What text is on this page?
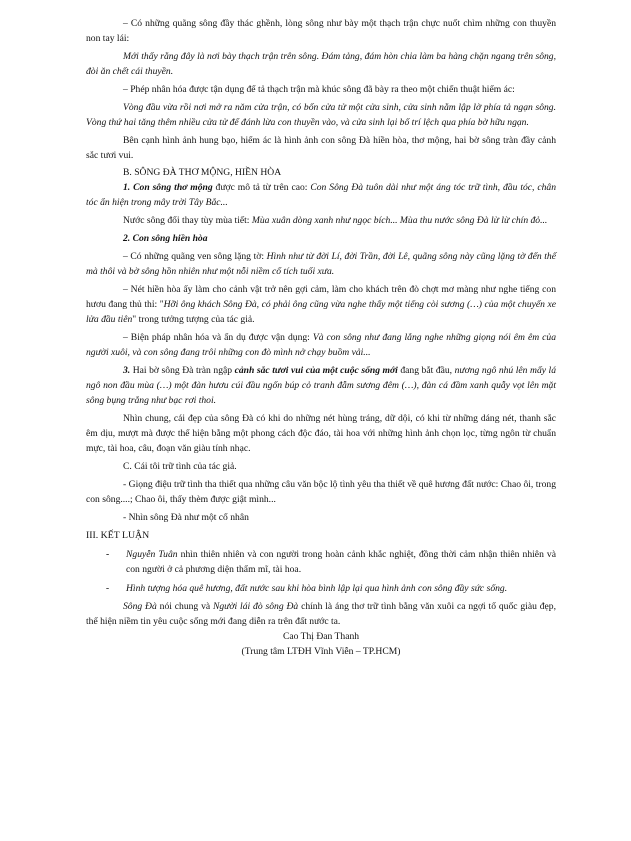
– Có những quãng sông đầy thác ghềnh, lòng sông như bày một thạch trận chực nuốt chìm những con thuyền non tay lái:

Mới thấy rằng đây là nơi bày thạch trận trên sông. Đám tảng, đám hòn chia làm ba hàng chặn ngang trên sông, đòi ăn chết cái thuyền.

– Phép nhân hóa được tận dụng để tả thạch trận mà khúc sông đã bày ra theo một chiến thuật hiểm ác:

Vòng đầu vừa rồi nơi mở ra năm cửa trận, có bốn cửa tử một cửa sinh, cửa sinh nằm lập lờ phía tả ngạn sông. Vòng thứ hai tăng thêm nhiều cửa tử để đánh lừa con thuyền vào, và cửa sinh lại bố trí lệch qua phía bờ hữu ngạn.

Bên cạnh hình ảnh hung bạo, hiểm ác là hình ảnh con sông Đà hiền hòa, thơ mộng, hai bờ sông tràn đầy cảnh sắc tươi vui.

B. SÔNG ĐÀ THƠ MỘNG, HIỀN HÒA

1. Con sông thơ mộng được mô tả từ trên cao: Con Sông Đà tuôn dài như một áng tóc trữ tình, đầu tóc, chân tóc ẩn hiện trong mây trời Tây Bắc...

Nước sông đổi thay tùy mùa tiết: Mùa xuân dòng xanh như ngọc bích... Mùa thu nước sông Đà lừ lừ chín đỏ...

2. Con sông hiền hòa

– Có những quãng ven sông lặng tờ: Hình như từ đời Lí, đời Trần, đời Lê, quãng sông này cũng lặng tờ đến thế mà thôi và bờ sông hồn nhiên như một nỗi niềm cổ tích tuổi xưa.

– Nét hiền hòa ấy làm cho cảnh vật trở nên gợi cảm, làm cho khách trên đò chợt mơ màng như nghe tiếng con hươu đang thủ thỉ: "Hỡi ông khách Sông Đà, có phải ông cũng vừa nghe thấy một tiếng còi sương (…) của một chuyến xe lửa đầu tiên" trong tưởng tượng của tác giả.

– Biện pháp nhân hóa và ẩn dụ được vận dụng: Và con sông như đang lắng nghe những giọng nói êm êm của người xuôi, và con sông đang trôi những con đò mình nở chạy buồm vải...

3. Hai bờ sông Đà tràn ngập cảnh sắc tươi vui của một cuộc sống mới đang bắt đầu, nương ngô nhú lên mấy lá ngô non đầu mùa (…) một đàn hươu cúi đầu ngốn búp cỏ tranh đẫm sương đêm (…), đàn cá đầm xanh quẫy vọt lên mặt sông bụng trắng như bạc rơi thoi.

Nhìn chung, cái đẹp của sông Đà có khi do những nét hùng tráng, dữ dội, có khi từ những dáng nét, thanh sắc êm dịu, mượt mà được thể hiện bằng một phong cách độc đáo, tài hoa với những hình ảnh chọn lọc, từng ngôn từ chuẩn mực, tài hoa, câu, đoạn văn giàu tính nhạc.

C. Cái tôi trữ tình của tác giả.

- Giọng điệu trữ tình tha thiết qua những câu văn bộc lộ tình yêu tha thiết về quê hương đất nước: Chao ôi, trong con sông....; Chao ôi, thấy thèm được giật mình...

- Nhìn sông Đà như một cố nhân

III. KẾT LUẬN

- Nguyễn Tuân nhìn thiên nhiên và con người trong hoàn cảnh khắc nghiệt, đồng thời cảm nhận thiên nhiên và con người ở cả phương diện thẩm mĩ, tài hoa.

- Hình tượng hóa quê hương, đất nước sau khi hòa bình lập lại qua hình ảnh con sông đầy sức sống.

Sông Đà nói chung và Người lái đò sông Đà chính là áng thơ trữ tình bằng văn xuôi ca ngợi tổ quốc giàu đẹp, thể hiện niềm tin yêu cuộc sống mới đang diễn ra trên đất nước ta.

Cao Thị Đan Thanh

(Trung tâm LTĐH Vĩnh Viễn – TP.HCM)
